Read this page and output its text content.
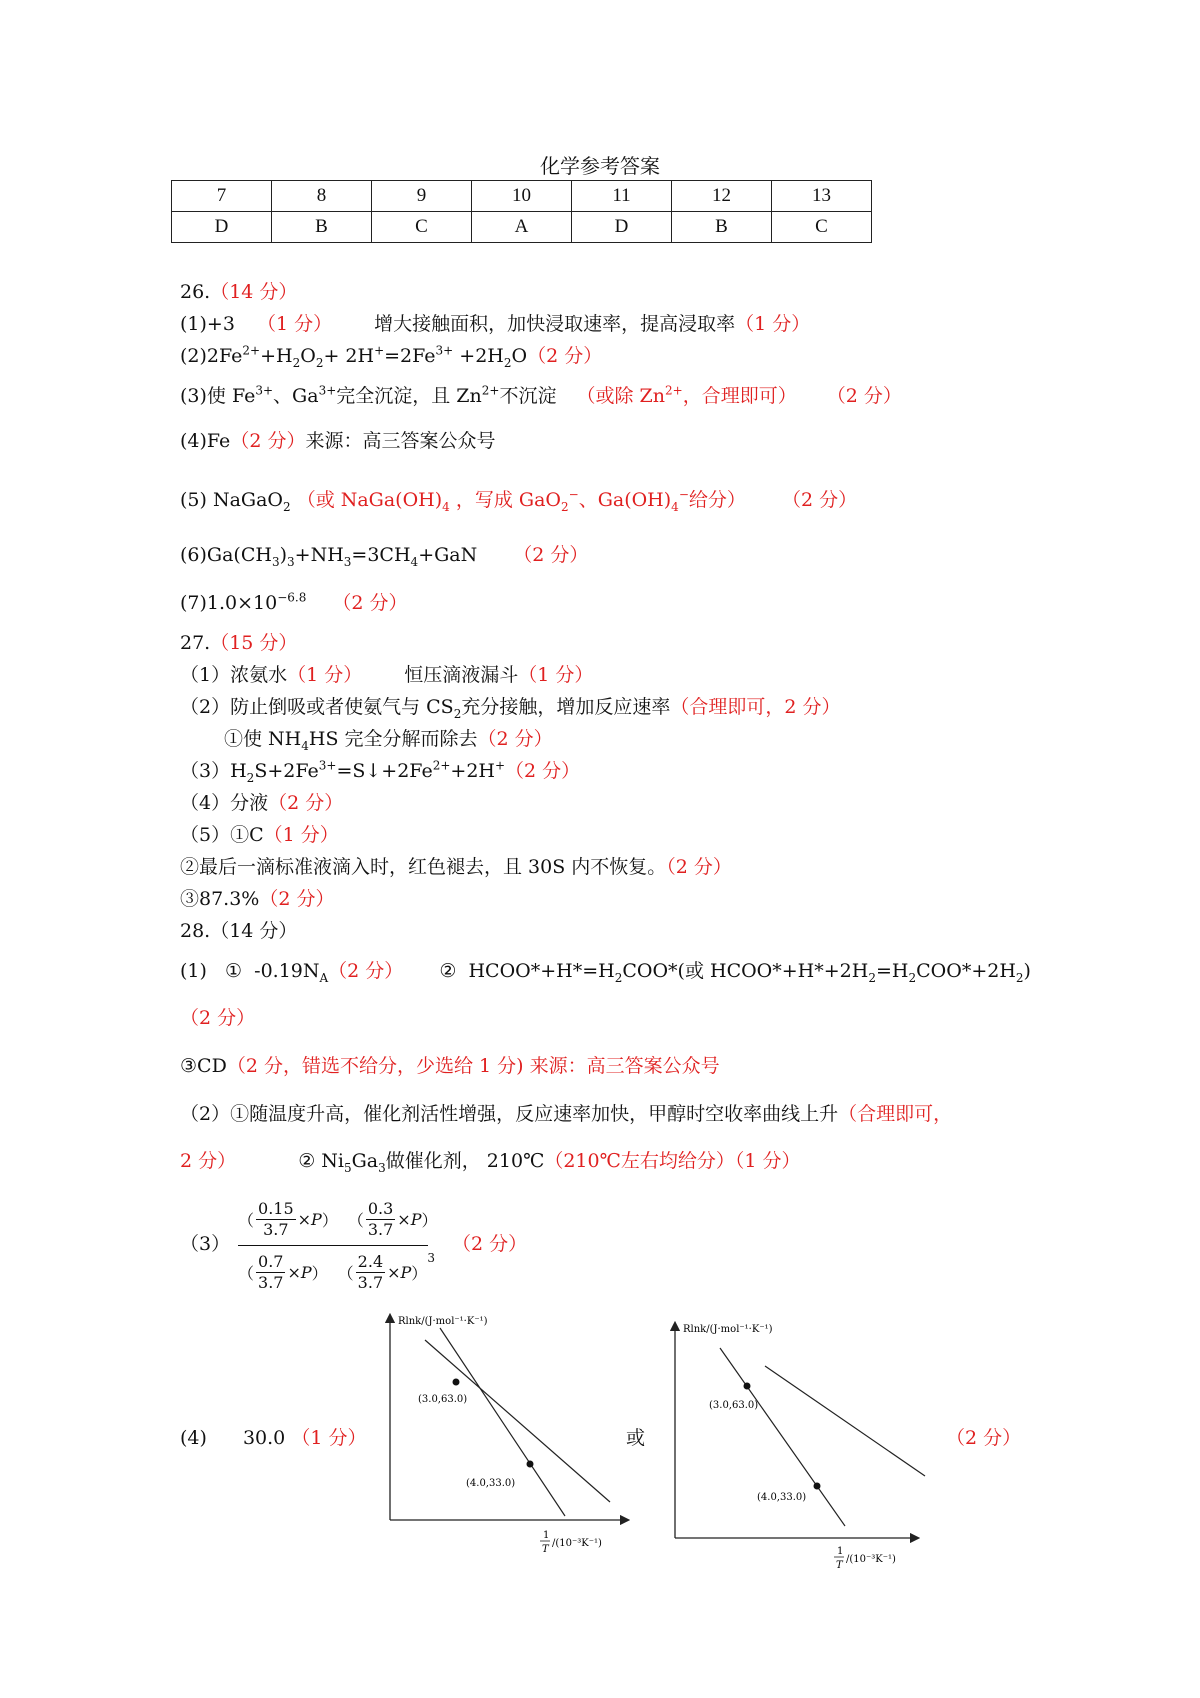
化学参考答案
7	8	9	10	11	12	13
D	B	C	A	D	B	C
26.（14 分）
(1)+3 （1 分） 增大接触面积，加快浸取速率，提高浸取率（1 分）
$(2)2Fe^{2+}+H_2O_2+ 2H^+=2Fe^{3+} +2H_2O(2$ 分）
(3)使 $Fe^{3+}$、$Ga^{3+}$完全沉淀，且 $Zn^{2+}$不沉淀 （或除 $Zn^{2+}$，合理即可） （2 分）
(4)Fe（2 分）来源：高三答案公众号
(5) NaGaO$_2$ （或 $NaGa(OH)_4$ ，写成 GaO$_2$−、$Ga(OH)_4^-$给分） （2 分）
$(6)Ga(CH_3)_3+NH_3=3CH_4+GaN$ （2 分）
$(7)1.0\times 10^{-6.8}$ （2 分）
27.（15 分）
（1）浓氨水（1 分） 恒压滴液漏斗（1 分）
（2）防止倒吸或者使氨气与 $CS_2$充分接触，增加反应速率（合理即可，2 分）
①使 $NH_4HS$ 完全分解而除去（2 分）
$(3)H_2S+2Fe^{3+}=S↓+2Fe^{2+}+2H^+(2$ 分）
（4）分液（2 分）
（5）①C（1 分）
②最后一滴标准液滴入时，红色褪去，且 30S 内不恢复。（2 分）
③87.3%（2 分）
28.（14 分）
(1)   ①  $-0.19N_A(2$ 分） ②  $HCOO*+H*=H_2COO*$(或 $HCOO*+H*+2H_2=H_2COO*+2H_2$)
（2 分）
③CD（2 分，错选不给分，少选给 1 分) 来源：高三答案公众号
（2）①随温度升高，催化剂活性增强，反应速率加快，甲醇时空收率曲线上升（合理即可，
2 分）	② $Ni_5Ga_3$做催化剂， 210℃（210℃左右均给分）（1 分）
（3）
（ $\frac{0.15}{3.7} \times P$ ） （ $\frac{0.3}{3.7} \times P$ ）
（ $\frac{0.7}{3.7} \times P$ ） （ $\frac{2.4}{3.7} \times P$ ）
$^3$
（2 分）
(4) 30.0 （1 分）	或	（2 分）
Rlnk/(J·mol⁻¹·K⁻¹)
(3.0,63.0)
(4.0,33.0)
1
T
/(10⁻³K⁻¹)
Rlnk/(J·mol⁻¹·K⁻¹)
(3.0,63.0)
(4.0,33.0)
1
T
/(10⁻³K⁻¹)
